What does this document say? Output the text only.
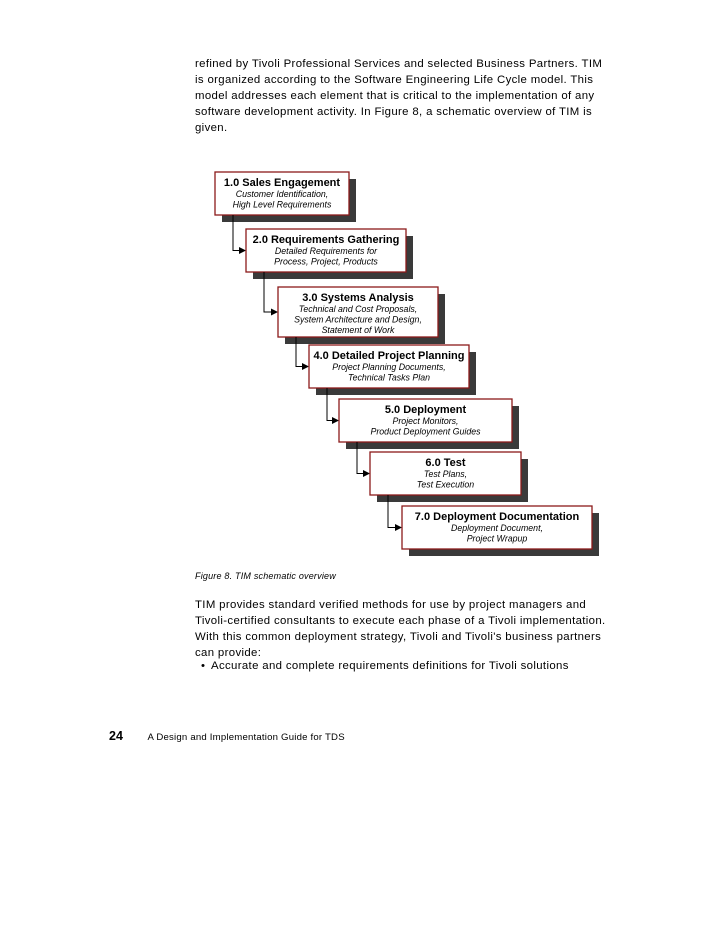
refined by Tivoli Professional Services and selected Business Partners. TIM
is organized according to the Software Engineering Life Cycle model. This
model addresses each element that is critical to the implementation of any
software development activity. In Figure 8, a schematic overview of TIM is
given.

1.0 Sales Engagement
Customer Identification,
High Level Requirements
2.0 Requirements Gathering
Detailed Requirements for
Process, Project, Products
3.0 Systems Analysis
Technical and Cost Proposals,
System Architecture and Design,
Statement of Work
4.0 Detailed Project Planning
Project Planning Documents,
Technical Tasks Plan
5.0 Deployment
Project Monitors,
Product Deployment Guides
6.0 Test
Test Plans,
Test Execution
7.0 Deployment Documentation
Deployment Document,
Project Wrapup
Figure 8. TIM schematic overview

TIM provides standard verified methods for use by project managers and
Tivoli-certified consultants to execute each phase of a Tivoli implementation.
With this common deployment strategy, Tivoli and Tivoli's business partners
can provide:

• Accurate and complete requirements definitions for Tivoli solutions
24	A Design and Implementation Guide for TDS
